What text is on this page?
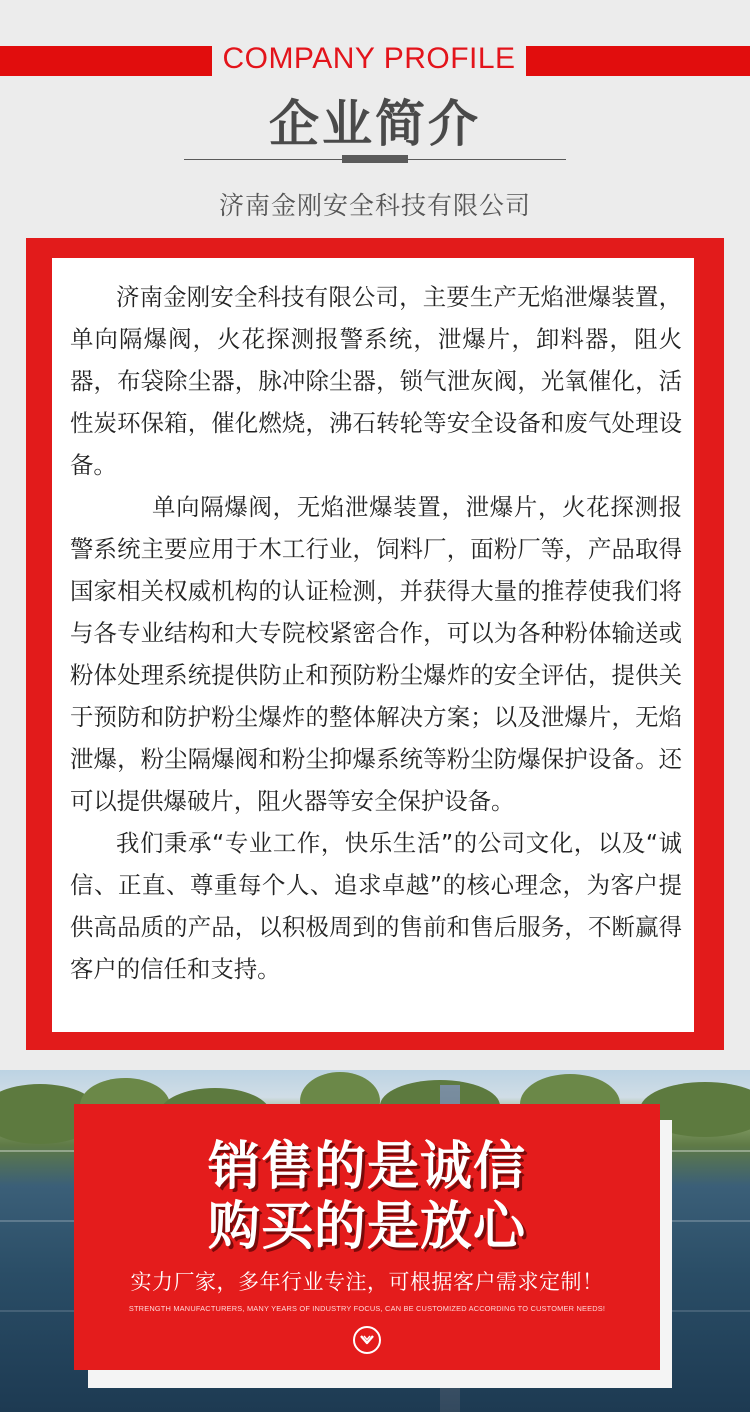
COMPANY PROFILE
企业简介
济南金刚安全科技有限公司

济南金刚安全科技有限公司，主要生产无焰泄爆装置，单向隔爆阀，火花探测报警系统，泄爆片，卸料器，阻火器，布袋除尘器，脉冲除尘器，锁气泄灰阀，光氧催化，活性炭环保箱，催化燃烧，沸石转轮等安全设备和废气处理设备。

单向隔爆阀，无焰泄爆装置，泄爆片，火花探测报警系统主要应用于木工行业，饲料厂，面粉厂等，产品取得国家相关权威机构的认证检测，并获得大量的推荐使我们将与各专业结构和大专院校紧密合作，可以为各种粉体输送或粉体处理系统提供防止和预防粉尘爆炸的安全评估，提供关于预防和防护粉尘爆炸的整体解决方案；以及泄爆片，无焰泄爆，粉尘隔爆阀和粉尘抑爆系统等粉尘防爆保护设备。还可以提供爆破片，阻火器等安全保护设备。

我们秉承“专业工作，快乐生活”的公司文化，以及“诚信、正直、尊重每个人、追求卓越”的核心理念，为客户提供高品质的产品，以积极周到的售前和售后服务，不断赢得客户的信任和支持。

销售的是诚信
购买的是放心
实力厂家，多年行业专注，可根据客户需求定制！
STRENGTH MANUFACTURERS, MANY YEARS OF INDUSTRY FOCUS, CAN BE CUSTOMIZED ACCORDING TO CUSTOMER NEEDS!
